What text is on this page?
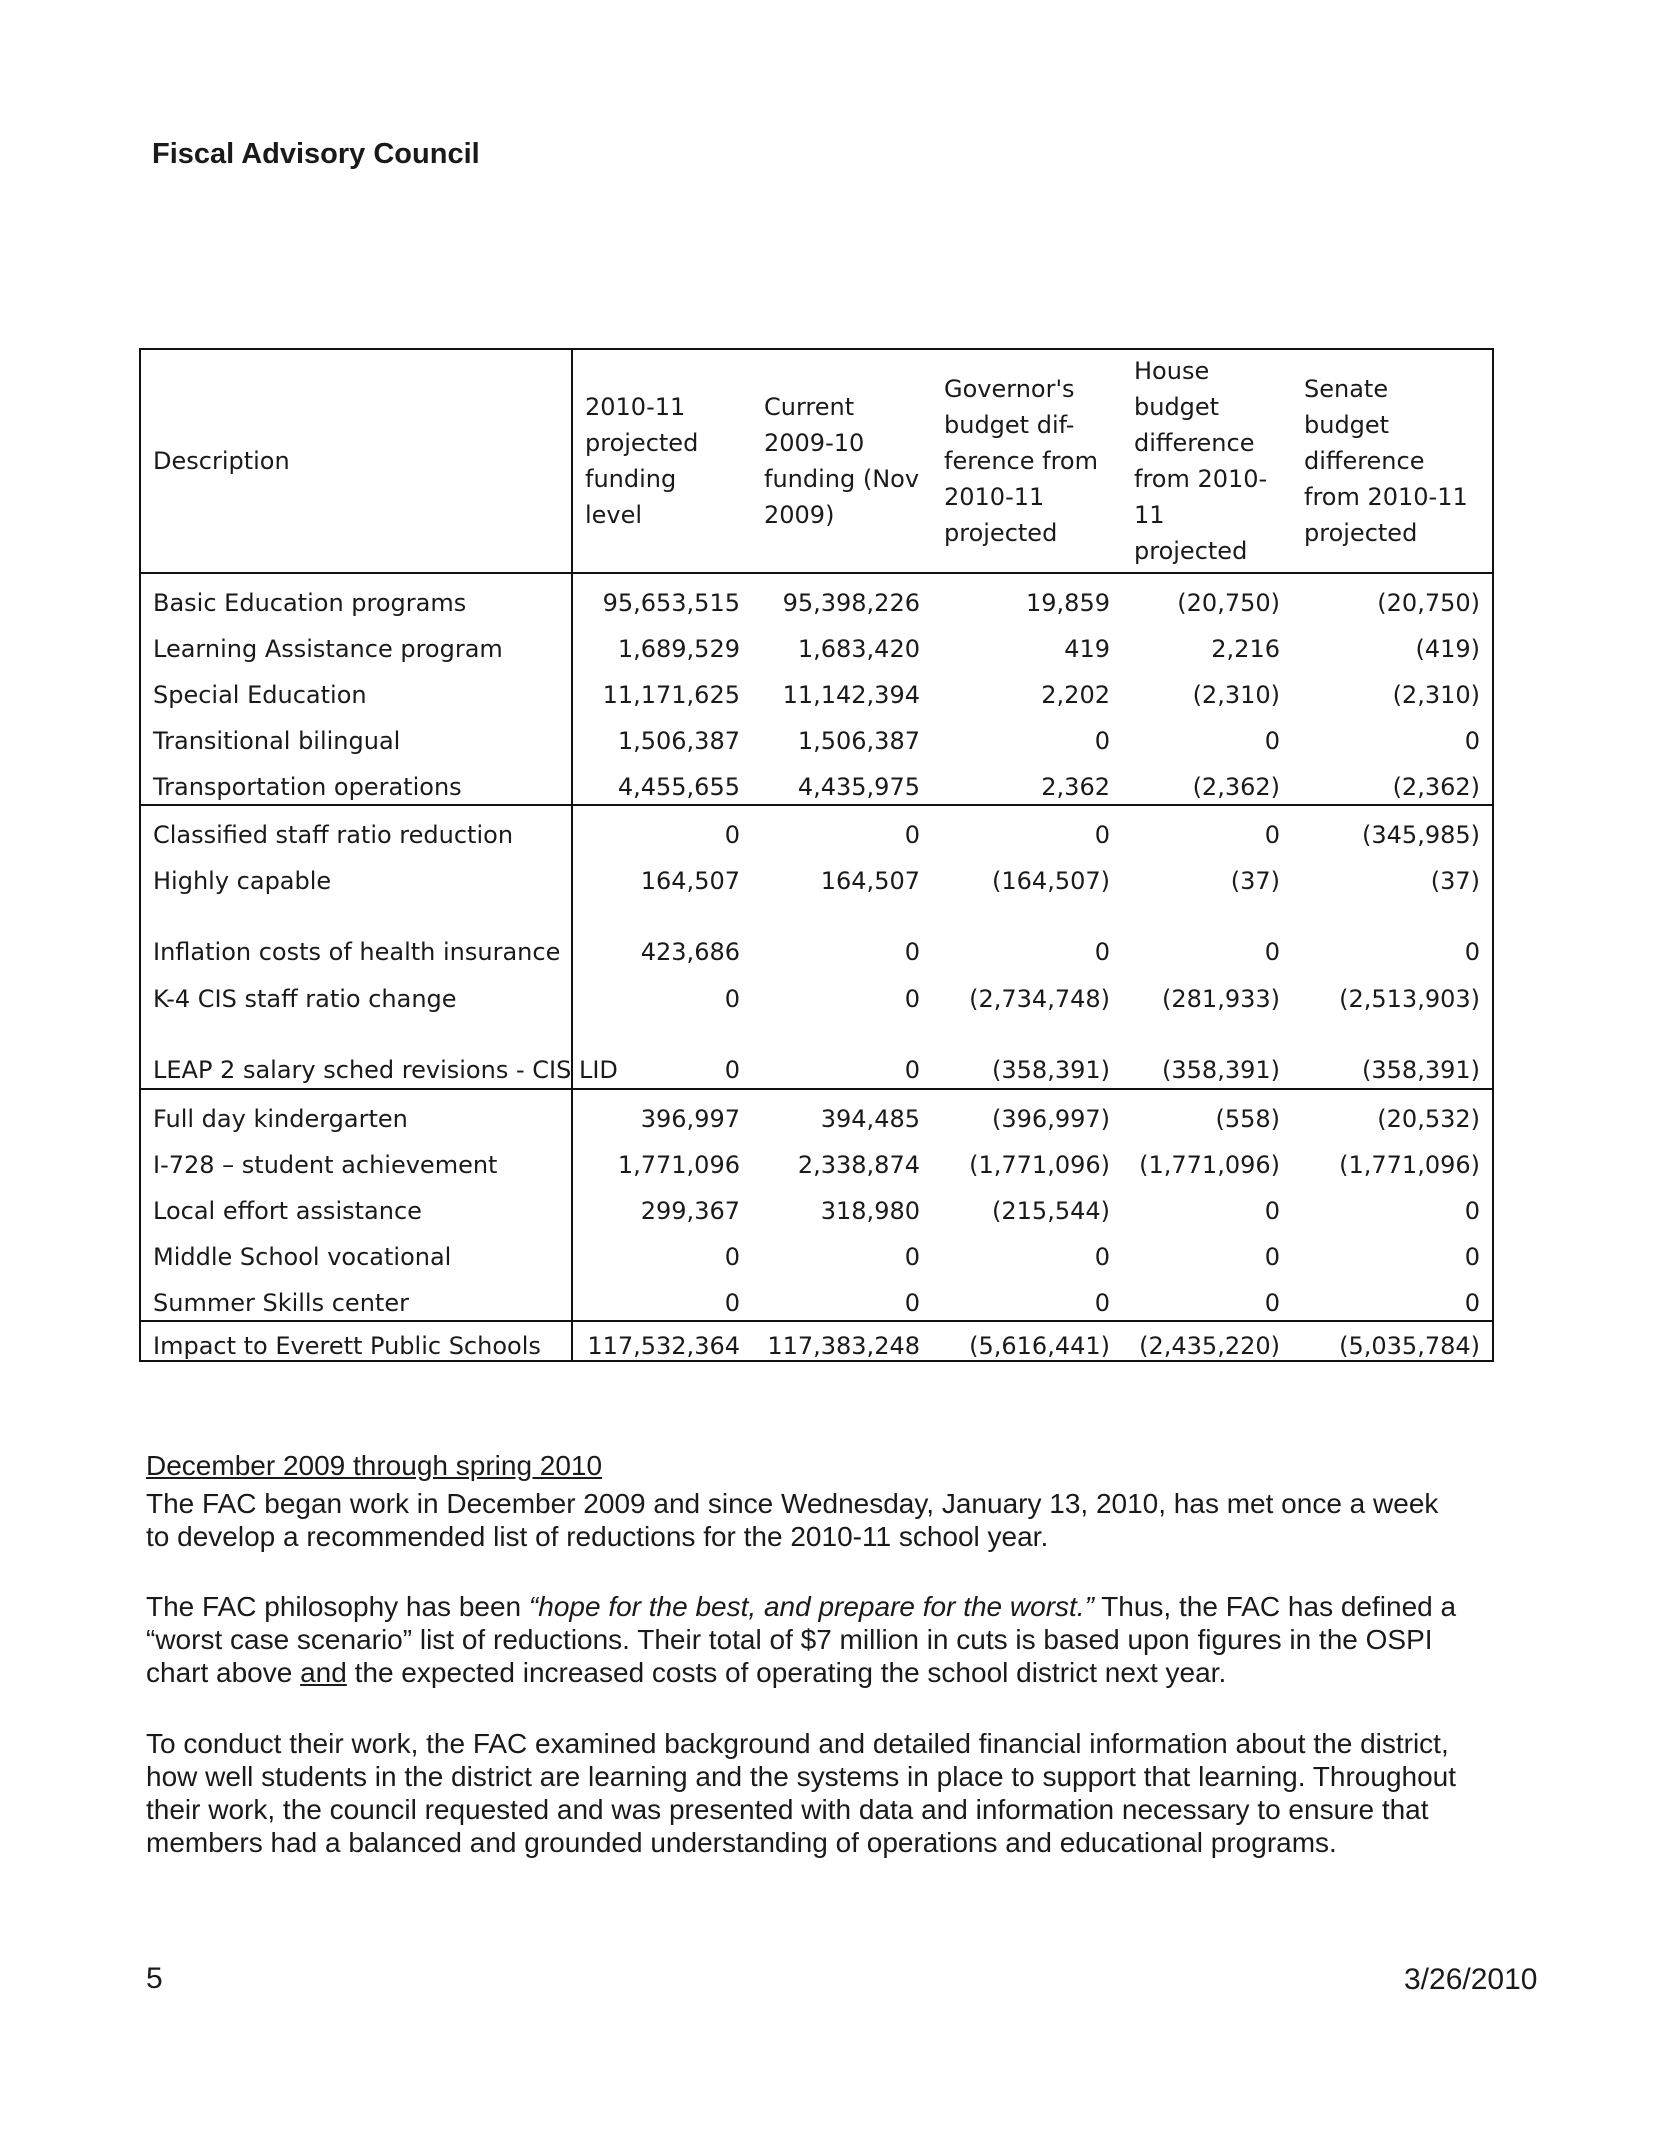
Fiscal Advisory Council
Description	2010-11 projected funding level	Current 2009-10 funding (Nov 2009)	Governor's budget dif-ference from 2010-11 projected	House budget difference from 2010-11 projected	Senate budget difference from 2010-11 projected
Basic Education programs	95,653,515	95,398,226	19,859	(20,750)	(20,750)
Learning Assistance program	1,689,529	1,683,420	419	2,216	(419)
Special Education	11,171,625	11,142,394	2,202	(2,310)	(2,310)
Transitional bilingual	1,506,387	1,506,387	0	0	0
Transportation operations	4,455,655	4,435,975	2,362	(2,362)	(2,362)
Classified staff ratio reduction	0	0	0	0	(345,985)
Highly capable	164,507	164,507	(164,507)	(37)	(37)
Inflation costs of health insurance	423,686	0	0	0	0
K-4 CIS staff ratio change	0	0	(2,734,748)	(281,933)	(2,513,903)
LEAP 2 salary sched revisions - CIS LID	0	0	(358,391)	(358,391)	(358,391)
Full day kindergarten	396,997	394,485	(396,997)	(558)	(20,532)
I-728 – student achievement	1,771,096	2,338,874	(1,771,096)	(1,771,096)	(1,771,096)
Local effort assistance	299,367	318,980	(215,544)	0	0
Middle School vocational	0	0	0	0	0
Summer Skills center	0	0	0	0	0
Impact to Everett Public Schools	117,532,364	117,383,248	(5,616,441)	(2,435,220)	(5,035,784)
December 2009 through spring 2010
The FAC began work in December 2009 and since Wednesday, January 13, 2010, has met once a week to develop a recommended list of reductions for the 2010-11 school year.
The FAC philosophy has been “hope for the best, and prepare for the worst.” Thus, the FAC has defined a “worst case scenario” list of reductions. Their total of $7 million in cuts is based upon figures in the OSPI chart above and the expected increased costs of operating the school district next year.
To conduct their work, the FAC examined background and detailed financial information about the district, how well students in the district are learning and the systems in place to support that learning. Throughout their work, the council requested and was presented with data and information necessary to ensure that members had a balanced and grounded understanding of operations and educational programs.
5	3/26/2010
